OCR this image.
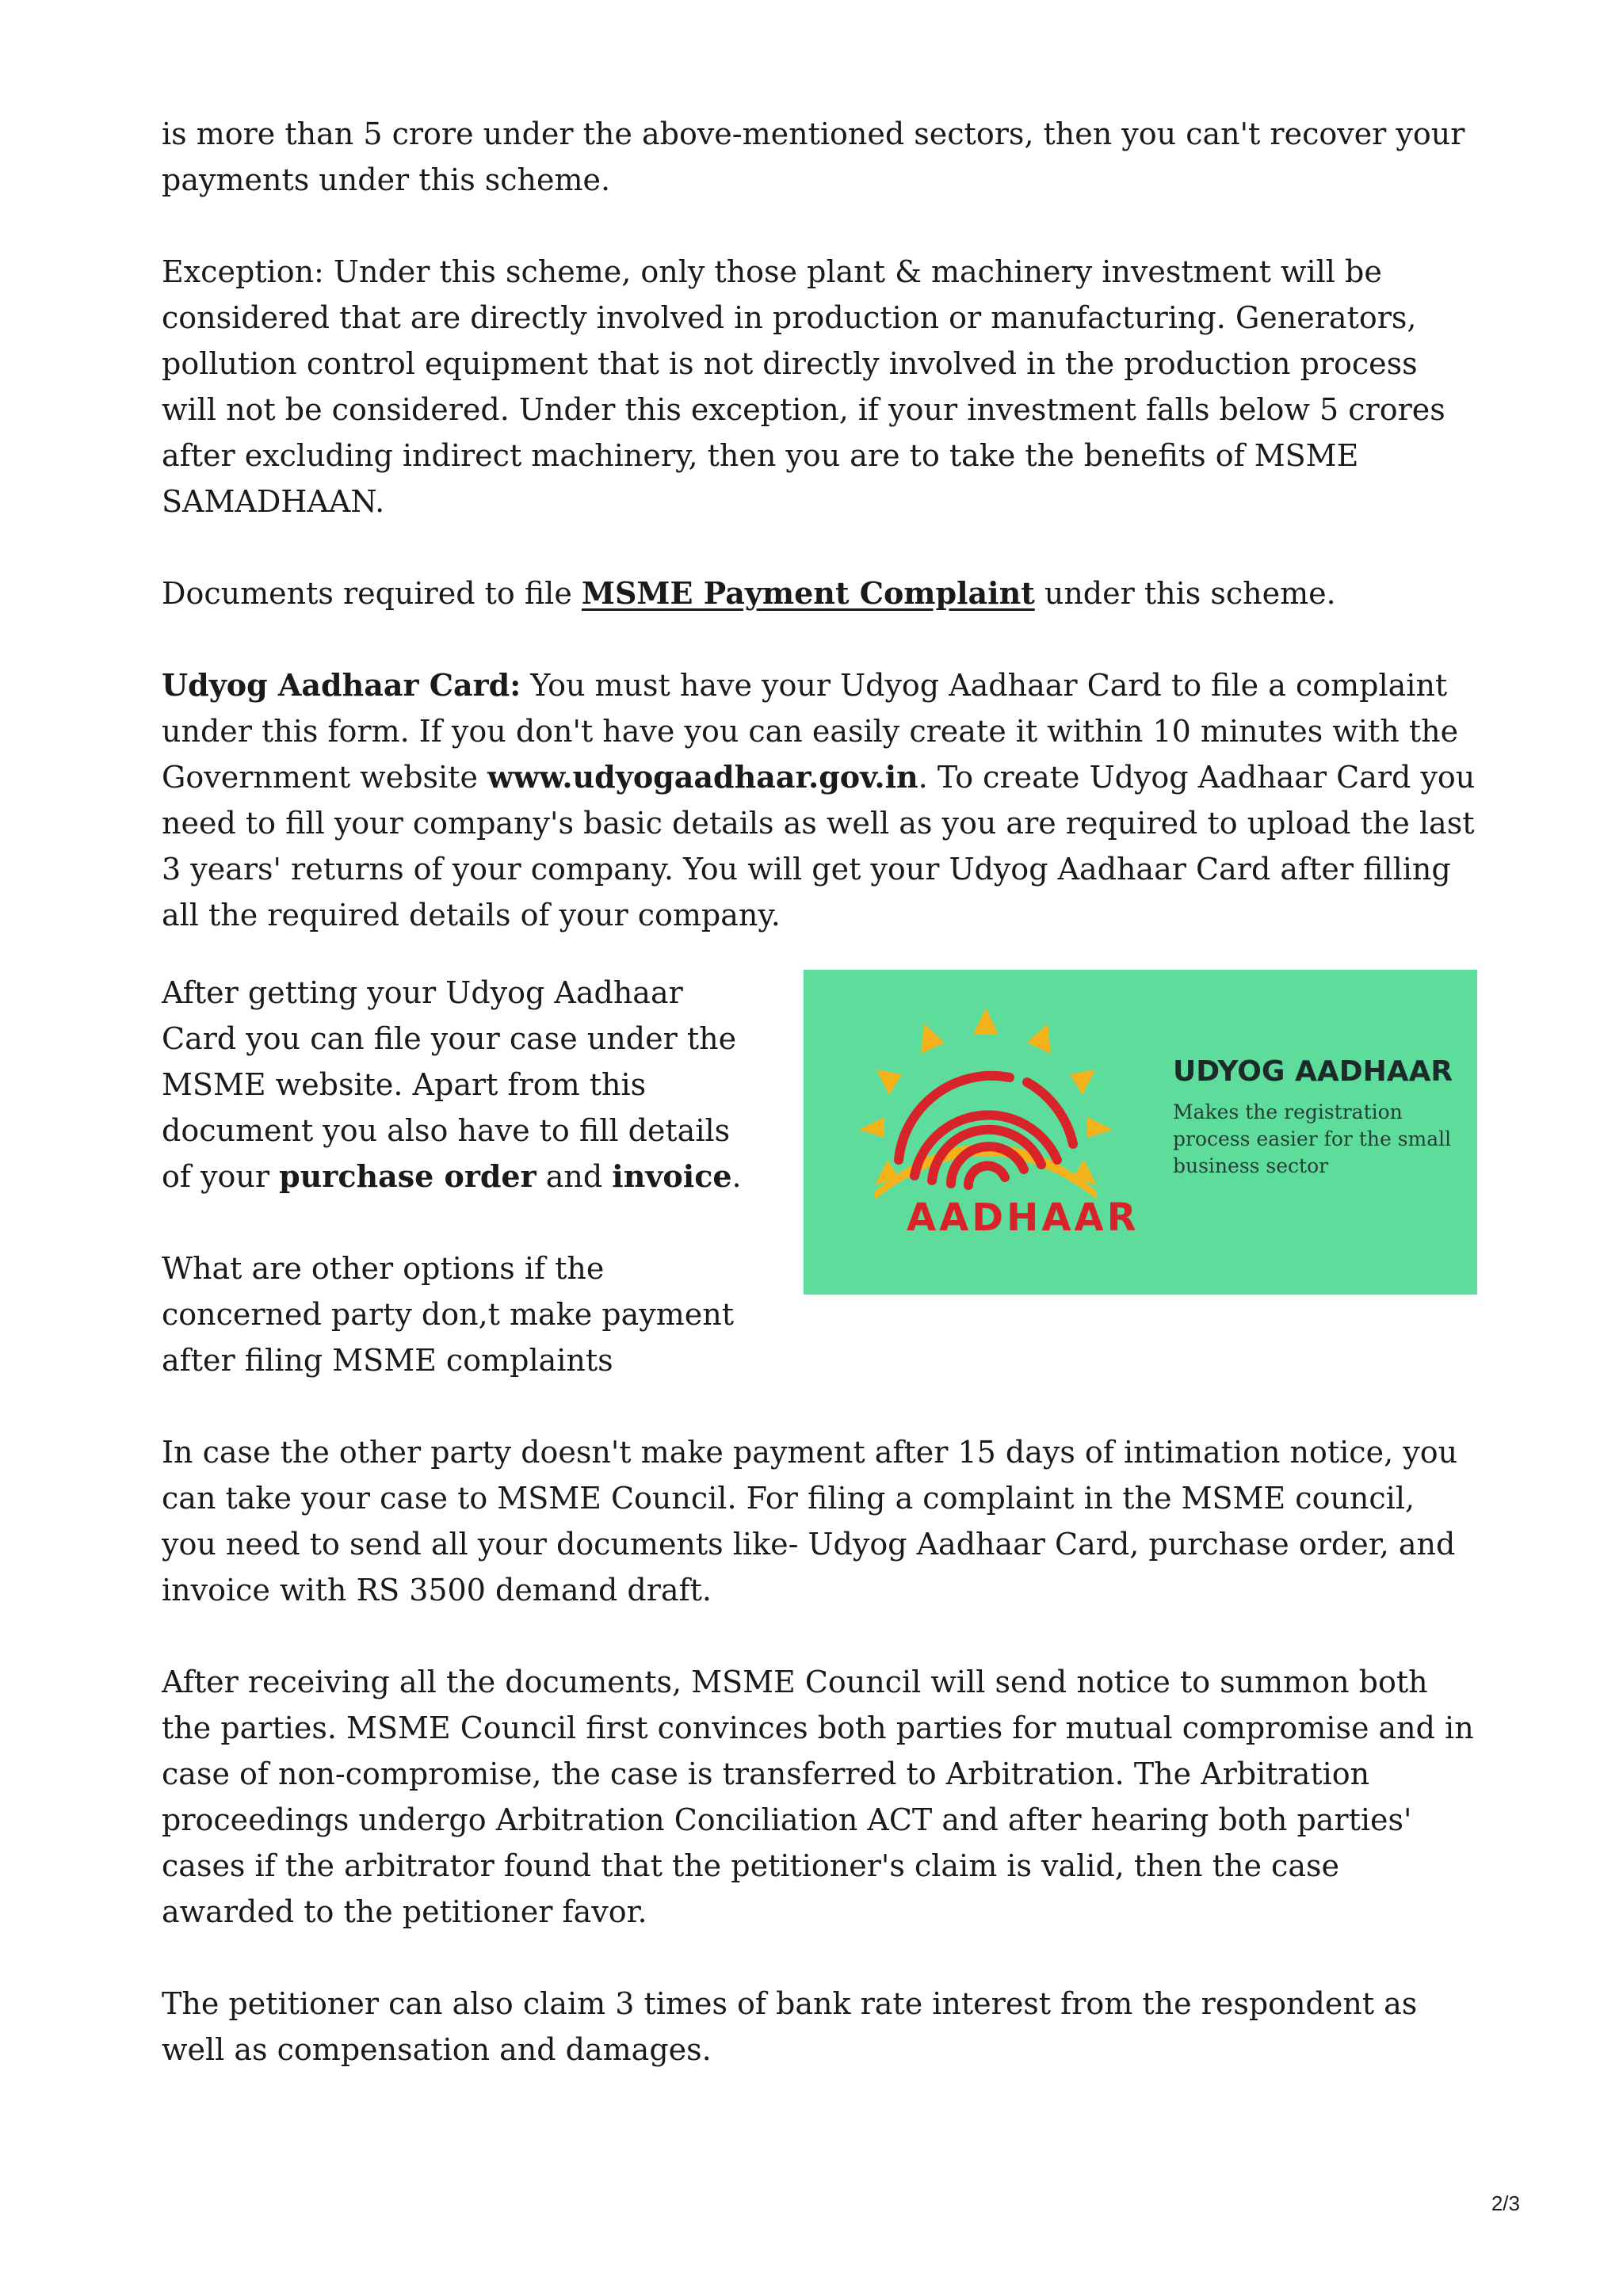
is more than 5 crore under the above-mentioned sectors, then you can't recover your payments under this scheme.

Exception: Under this scheme, only those plant & machinery investment will be considered that are directly involved in production or manufacturing. Generators, pollution control equipment that is not directly involved in the production process will not be considered. Under this exception, if your investment falls below 5 crores after excluding indirect machinery, then you are to take the benefits of MSME SAMADHAAN.

Documents required to file MSME Payment Complaint under this scheme.

Udyog Aadhaar Card: You must have your Udyog Aadhaar Card to file a complaint under this form. If you don't have you can easily create it within 10 minutes with the Government website www.udyogaadhaar.gov.in. To create Udyog Aadhaar Card you need to fill your company's basic details as well as you are required to upload the last 3 years' returns of your company. You will get your Udyog Aadhaar Card after filling all the required details of your company.

After getting your Udyog Aadhaar Card you can file your case under the MSME website. Apart from this document you also have to fill details of your purchase order and invoice.

What are other options if the concerned party don,t make payment after filing MSME complaints

AADHAAR
UDYOG AADHAAR
Makes the registration process easier for the small business sector

In case the other party doesn't make payment after 15 days of intimation notice, you can take your case to MSME Council. For filing a complaint in the MSME council, you need to send all your documents like- Udyog Aadhaar Card, purchase order, and invoice with RS 3500 demand draft.

After receiving all the documents, MSME Council will send notice to summon both the parties. MSME Council first convinces both parties for mutual compromise and in case of non-compromise, the case is transferred to Arbitration. The Arbitration proceedings undergo Arbitration Conciliation ACT and after hearing both parties' cases if the arbitrator found that the petitioner's claim is valid, then the case awarded to the petitioner favor.

The petitioner can also claim 3 times of bank rate interest from the respondent as well as compensation and damages.

2/3
